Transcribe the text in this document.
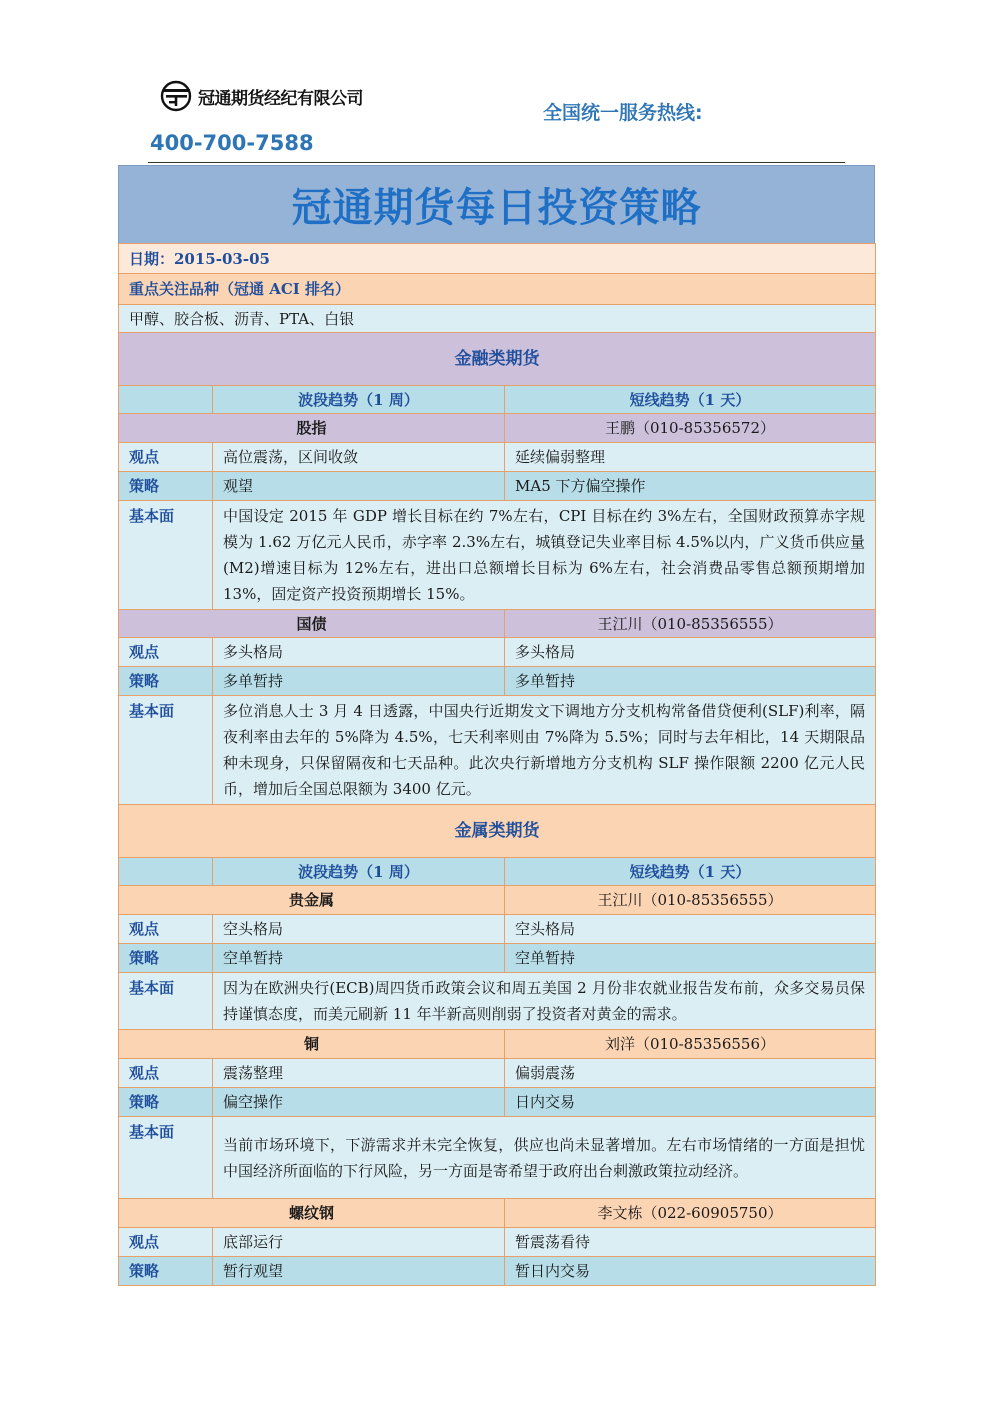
冠通期货经纪有限公司
全国统一服务热线:
400-700-7588
冠通期货每日投资策略
日期：2015-03-05		
重点关注品种（冠通 ACI 排名）		
甲醇、胶合板、沥青、PTA、白银		
金融类期货		
	波段趋势（1 周）	短线趋势（1 天）
股指		王鹏（010-85356572）
观点	高位震荡，区间收敛	延续偏弱整理
策略	观望	MA5 下方偏空操作
基本面	中国设定 2015 年 GDP 增长目标在约 7%左右，CPI 目标在约 3%左右，全国财政预算赤字规模为 1.62 万亿元人民币，赤字率 2.3%左右，城镇登记失业率目标 4.5%以内，广义货币供应量(M2)增速目标为 12%左右，进出口总额增长目标为 6%左右，社会消费品零售总额预期增加 13%，固定资产投资预期增长 15%。	
国债		王江川（010-85356555）
观点	多头格局	多头格局
策略	多单暂持	多单暂持
基本面	多位消息人士 3 月 4 日透露，中国央行近期发文下调地方分支机构常备借贷便利(SLF)利率，隔夜利率由去年的 5%降为 4.5%，七天利率则由 7%降为 5.5%；同时与去年相比，14 天期限品种未现身，只保留隔夜和七天品种。此次央行新增地方分支机构 SLF 操作限额 2200 亿元人民币，增加后全国总限额为 3400 亿元。	
金属类期货		
	波段趋势（1 周）	短线趋势（1 天）
贵金属		王江川（010-85356555）
观点	空头格局	空头格局
策略	空单暂持	空单暂持
基本面	因为在欧洲央行(ECB)周四货币政策会议和周五美国 2 月份非农就业报告发布前，众多交易员保持谨慎态度，而美元刷新 11 年半新高则削弱了投资者对黄金的需求。	
铜		刘洋（010-85356556）
观点	震荡整理	偏弱震荡
策略	偏空操作	日内交易
基本面	当前市场环境下，下游需求并未完全恢复，供应也尚未显著增加。左右市场情绪的一方面是担忧中国经济所面临的下行风险，另一方面是寄希望于政府出台刺激政策拉动经济。	
螺纹钢		李文栋（022-60905750）
观点	底部运行	暂震荡看待
策略	暂行观望	暂日内交易
